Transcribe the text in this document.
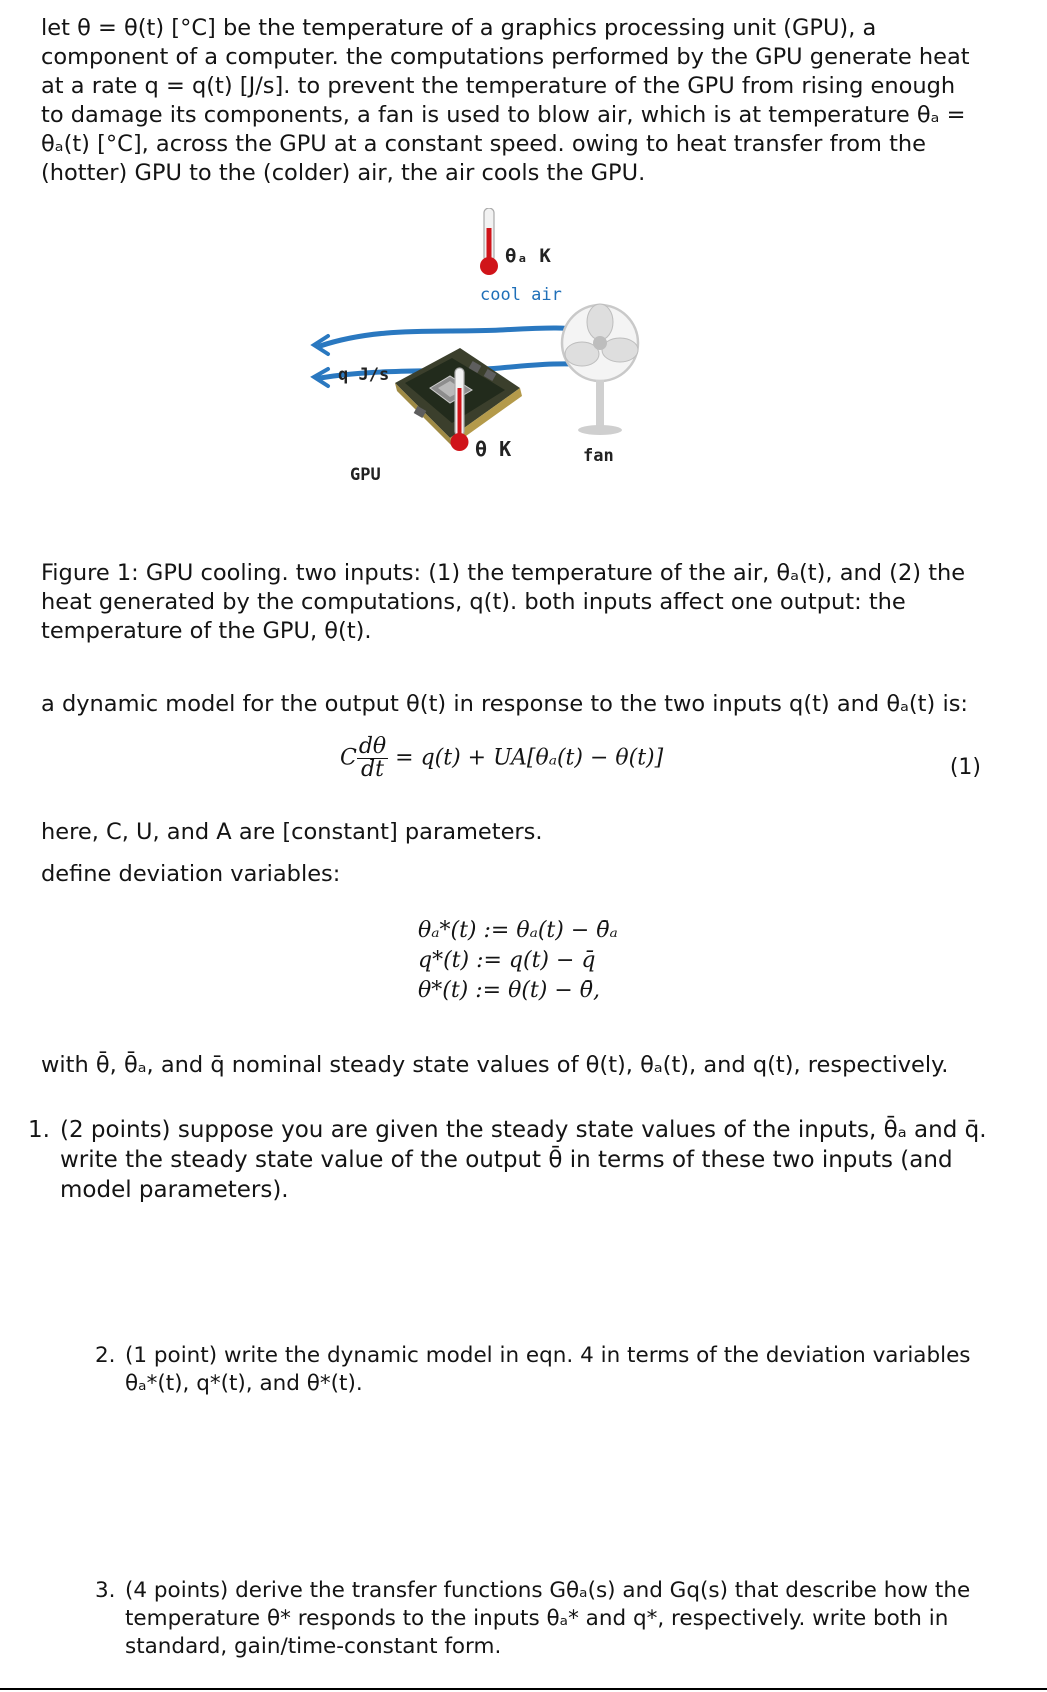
let θ = θ(t) [°C] be the temperature of a graphics processing unit (GPU), a component of a computer. the computations performed by the GPU generate heat at a rate q = q(t) [J/s]. to prevent the temperature of the GPU from rising enough to damage its components, a fan is used to blow air, which is at temperature θₐ = θₐ(t) [°C], across the GPU at a constant speed. owing to heat transfer from the (hotter) GPU to the (colder) air, the air cools the GPU.

θₐ K
cool air
θ K
q J/s
GPU
fan

Figure 1: GPU cooling. two inputs: (1) the temperature of the air, θₐ(t), and (2) the heat generated by the computations, q(t). both inputs affect one output: the temperature of the GPU, θ(t).

a dynamic model for the output θ(t) in response to the two inputs q(t) and θₐ(t) is:

C $\frac{d\theta}{dt} = q(t) + UA[\theta_a(t) - \theta(t)]$	(1)

here, C, U, and A are [constant] parameters.

define deviation variables:

θₐ*(t) := θₐ(t) − θ̄ₐ
q*(t) := q(t) − q̄
θ*(t) := θ(t) − θ̄,

with θ̄, θ̄ₐ, and q̄ nominal steady state values of θ(t), θₐ(t), and q(t), respectively.

1. (2 points) suppose you are given the steady state values of the inputs, θ̄ₐ and q̄. write the steady state value of the output θ̄ in terms of these two inputs (and model parameters).
2. (1 point) write the dynamic model in eqn. 4 in terms of the deviation variables θₐ*(t), q*(t), and θ*(t).
3. (4 points) derive the transfer functions Gθₐ(s) and Gq(s) that describe how the temperature θ* responds to the inputs θₐ* and q*, respectively. write both in standard, gain/time-constant form.
